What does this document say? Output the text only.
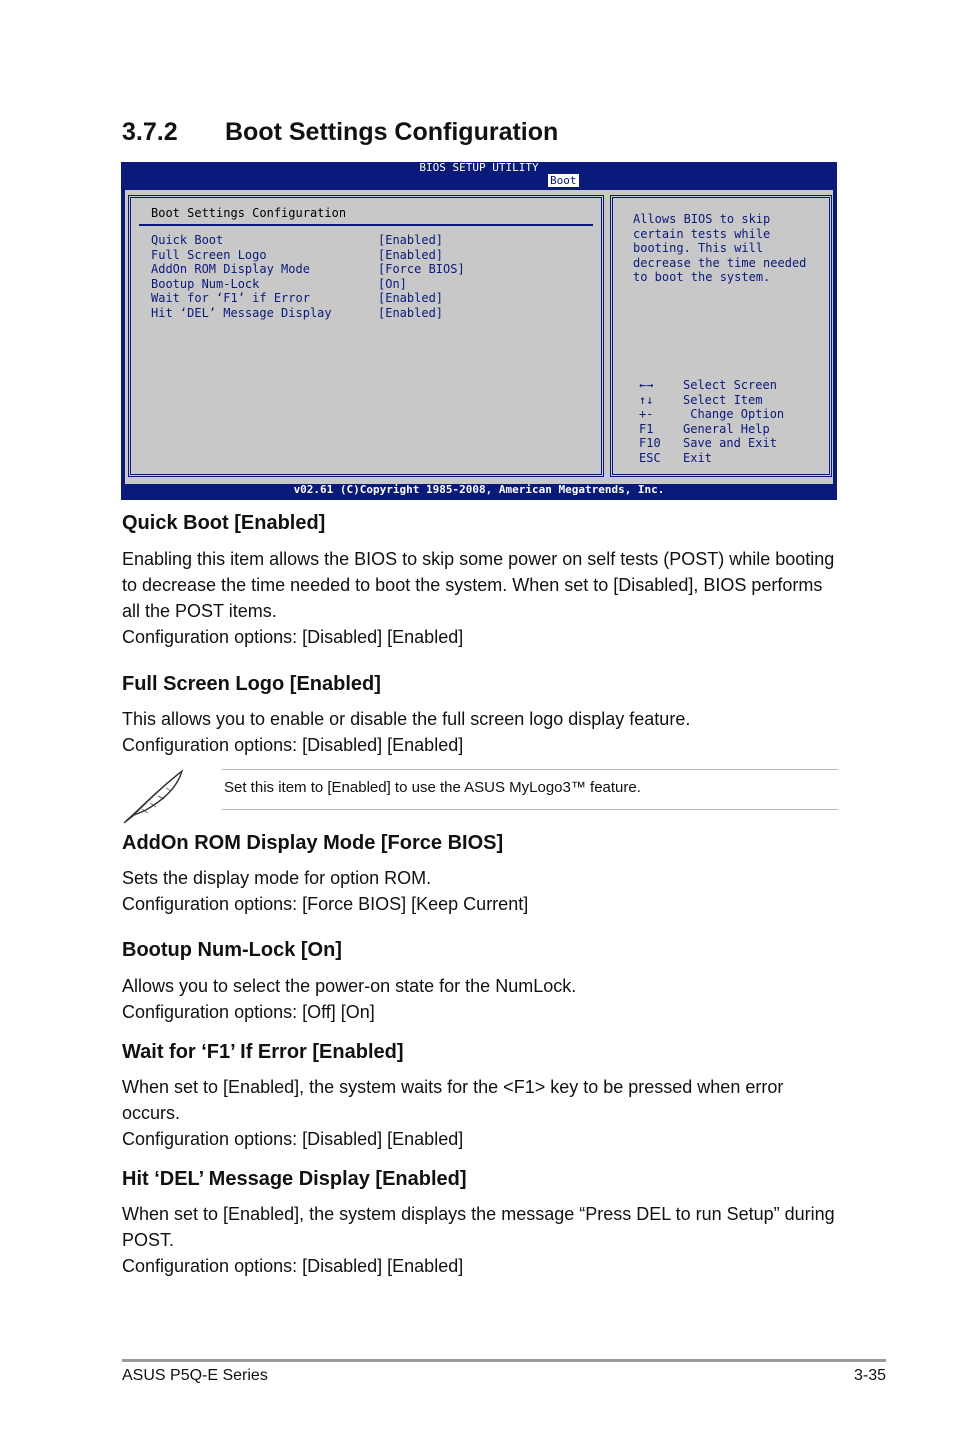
3.7.2 Boot Settings Configuration
BIOS SETUP UTILITY
Boot
Boot Settings Configuration
Quick Boot	[Enabled]
Full Screen Logo	[Enabled]
AddOn ROM Display Mode	[Force BIOS]
Bootup Num-Lock	[On]
Wait for ‘F1’ if Error	[Enabled]
Hit ‘DEL’ Message Display	[Enabled]

Allows BIOS to skip certain tests while booting. This will decrease the time needed to boot the system.

←→ Select Screen
↑↓ Select Item
+- Change Option
F1 General Help
F10 Save and Exit
ESC Exit
v02.61 (C)Copyright 1985-2008, American Megatrends, Inc.
Quick Boot [Enabled]

Enabling this item allows the BIOS to skip some power on self tests (POST) while booting to decrease the time needed to boot the system. When set to [Disabled], BIOS performs all the POST items.

Configuration options: [Disabled] [Enabled]

Full Screen Logo [Enabled]

This allows you to enable or disable the full screen logo display feature.

Configuration options: [Disabled] [Enabled]

Set this item to [Enabled] to use the ASUS MyLogo3™ feature.
AddOn ROM Display Mode [Force BIOS]

Sets the display mode for option ROM.

Configuration options: [Force BIOS] [Keep Current]

Bootup Num-Lock [On]

Allows you to select the power-on state for the NumLock.

Configuration options: [Off] [On]

Wait for ‘F1’ If Error [Enabled]

When set to [Enabled], the system waits for the <F1> key to be pressed when error occurs.

Configuration options: [Disabled] [Enabled]

Hit ‘DEL’ Message Display [Enabled]

When set to [Enabled], the system displays the message “Press DEL to run Setup” during POST.

Configuration options: [Disabled] [Enabled]

ASUS P5Q-E Series	3-35
